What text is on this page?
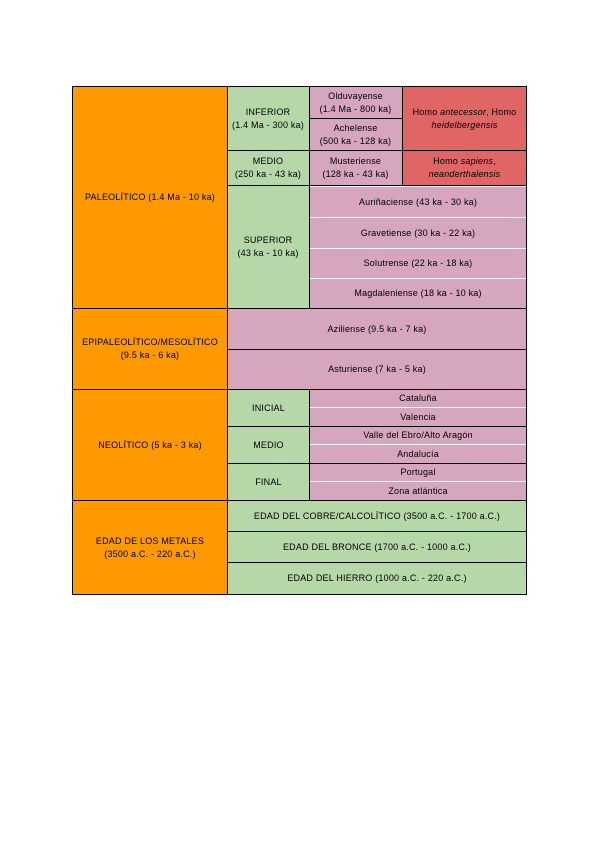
PALEOLÍTICO (1.4 Ma - 10 ka)
INFERIOR
(1.4 Ma - 300 ka)
MEDIO
(250 ka - 43 ka)
SUPERIOR
(43 ka - 10 ka)
Olduvayense
(1.4 Ma - 800 ka)
Achelense
(500 ka - 128 ka)
Musteriense
(128 ka - 43 ka)
Homo antecessor, Homo
heidelbergensis
Homo sapiens,
neanderthalensis
Auriñaciense (43 ka - 30 ka)
Gravetiense (30 ka - 22 ka)
Solutrense (22 ka - 18 ka)
Magdaleniense (18 ka - 10 ka)
EPIPALEOLÍTICO/MESOLÍTICO
(9.5 ka - 6 ka)
Aziliense (9.5 ka - 7 ka)
Asturiense (7 ka - 5 ka)
NEOLÍTICO (5 ka - 3 ka)
INICIAL
MEDIO
FINAL
Cataluña
Valencia
Valle del Ebro/Alto Aragón
Andalucía
Portugal
Zona atlántica
EDAD DE LOS METALES
(3500 a.C. - 220 a.C.)
EDAD DEL COBRE/CALCOLÍTICO (3500 a.C. - 1700 a.C.)
EDAD DEL BRONCE (1700 a.C. - 1000 a.C.)
EDAD DEL HIERRO (1000 a.C. - 220 a.C.)
